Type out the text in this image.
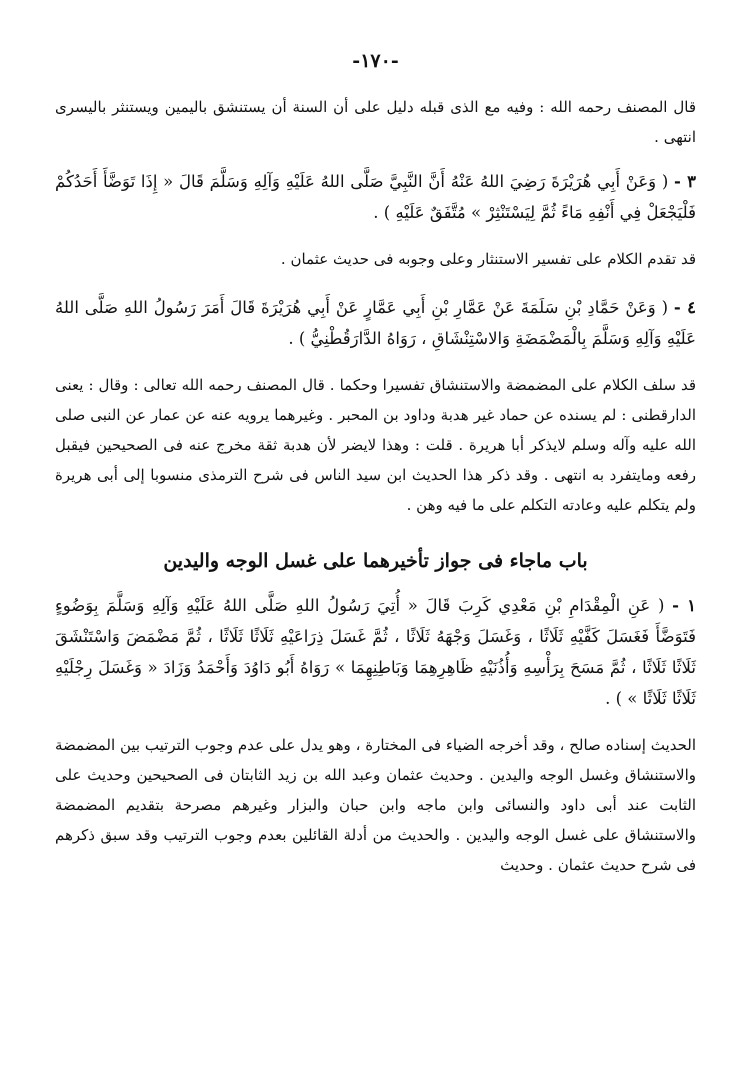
-١٧٠-

قال المصنف رحمه الله : وفيه مع الذى قبله دليل على أن السنة أن يستنشق باليمين ويستنثر باليسرى انتهى .

٣ - ( وَعَنْ أَبِي هُرَيْرَةَ رَضِيَ اللهُ عَنْهُ أَنَّ النَّبِيَّ صَلَّى اللهُ عَلَيْهِ وَآلِهِ وَسَلَّمَ قَالَ « إِذَا تَوَضَّأَ أَحَدُكُمْ فَلْيَجْعَلْ فِي أَنْفِهِ مَاءً ثُمَّ لِيَسْتَنْثِرْ » مُتَّفَقٌ عَلَيْهِ ) .

قد تقدم الكلام على تفسير الاستنثار وعلى وجوبه فى حديث عثمان .

٤ - ( وَعَنْ حَمَّادِ بْنِ سَلَمَةَ عَنْ عَمَّارِ بْنِ أَبِي عَمَّارٍ عَنْ أَبِي هُرَيْرَةَ قَالَ أَمَرَ رَسُولُ اللهِ صَلَّى اللهُ عَلَيْهِ وَآلِهِ وَسَلَّمَ بِالْمَضْمَضَةِ وَالاسْتِنْشَاقِ ، رَوَاهُ الدَّارَقُطْنِيُّ ) .

قد سلف الكلام على المضمضة والاستنشاق تفسيرا وحكما . قال المصنف رحمه الله تعالى : وقال : يعنى الدارقطنى : لم يسنده عن حماد غير هدبة وداود بن المحبر . وغيرهما يرويه عنه عن عمار عن النبى صلى الله عليه وآله وسلم لايذكر أبا هريرة . قلت : وهذا لايضر لأن هدبة ثقة مخرج عنه فى الصحيحين فيقبل رفعه ومايتفرد به انتهى . وقد ذكر هذا الحديث ابن سيد الناس فى شرح الترمذى منسوبا إلى أبى هريرة ولم يتكلم عليه وعادته التكلم على ما فيه وهن .

باب ماجاء فى جواز تأخيرهما على غسل الوجه واليدين

١ - ( عَنِ الْمِقْدَامِ بْنِ مَعْدِي كَرِبَ قَالَ « أُتِيَ رَسُولُ اللهِ صَلَّى اللهُ عَلَيْهِ وَآلِهِ وَسَلَّمَ بِوَضُوءٍ فَتَوَضَّأَ فَغَسَلَ كَفَّيْهِ ثَلَاثًا ، وَغَسَلَ وَجْهَهُ ثَلَاثًا ، ثُمَّ غَسَلَ ذِرَاعَيْهِ ثَلَاثًا ثَلَاثًا ، ثُمَّ مَضْمَضَ وَاسْتَنْشَقَ ثَلَاثًا ثَلَاثًا ، ثُمَّ مَسَحَ بِرَأْسِهِ وَأُذُنَيْهِ ظَاهِرِهِمَا وَبَاطِنِهِمَا » رَوَاهُ أَبُو دَاوُدَ وَأَحْمَدُ وَزَادَ « وَغَسَلَ رِجْلَيْهِ ثَلَاثًا ثَلَاثًا » ) .

الحديث إسناده صالح ، وقد أخرجه الضياء فى المختارة ، وهو يدل على عدم وجوب الترتيب بين المضمضة والاستنشاق وغسل الوجه واليدين . وحديث عثمان وعبد الله بن زيد الثابتان فى الصحيحين وحديث على الثابت عند أبى داود والنسائى وابن ماجه وابن حبان والبزار وغيرهم مصرحة بتقديم المضمضة والاستنشاق على غسل الوجه واليدين . والحديث من أدلة القائلين بعدم وجوب الترتيب وقد سبق ذكرهم فى شرح حديث عثمان . وحديث
